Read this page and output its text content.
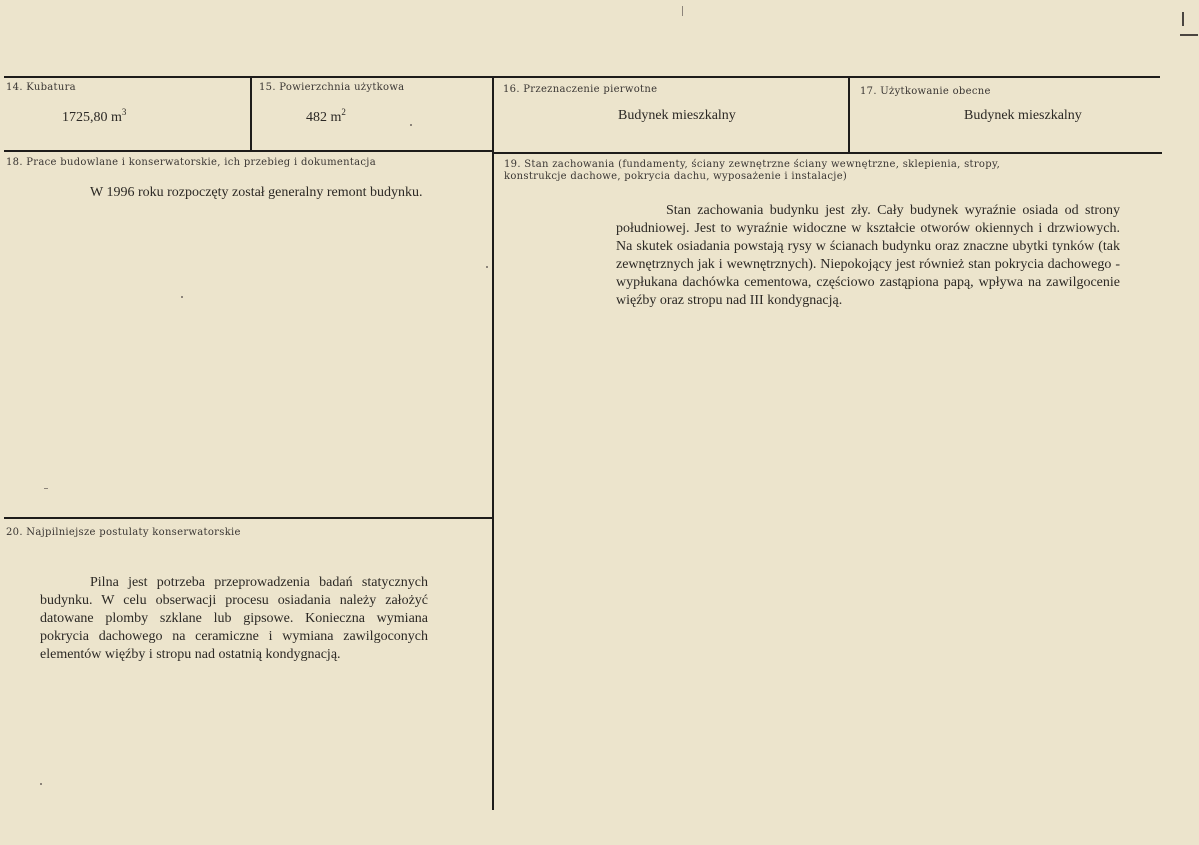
14. Kubatura
1725,80 $m^3$
15. Powierzchnia użytkowa
482 $m^2$
16. Przeznaczenie pierwotne
Budynek mieszkalny
17. Użytkowanie obecne
Budynek mieszkalny
18. Prace budowlane i konserwatorskie, ich przebieg i dokumentacja
W 1996 roku rozpoczęty został generalny remont budynku.
19. Stan zachowania (fundamenty, ściany zewnętrzne ściany wewnętrzne, sklepienia, stropy, konstrukcje dachowe, pokrycia dachu, wyposażenie i instalacje)
Stan zachowania budynku jest zły. Cały budynek wyraźnie osiada od strony południowej. Jest to wyraźnie widoczne w kształcie otworów okiennych i drzwiowych. Na skutek osiadania powstają rysy w ścianach budynku oraz znaczne ubytki tynków (tak zewnętrznych jak i wewnętrznych). Niepokojący jest również stan pokrycia dachowego - wypłukana dachówka cementowa, częściowo zastąpiona papą, wpływa na zawilgocenie więźby oraz stropu nad III kondygnacją.
20. Najpilniejsze postulaty konserwatorskie
Pilna jest potrzeba przeprowadzenia badań statycznych budynku. W celu obserwacji procesu osiadania należy założyć datowane plomby szklane lub gipsowe. Konieczna wymiana pokrycia dachowego na ceramiczne i wymiana zawilgoconych elementów więźby i stropu nad ostatnią kondygnacją.
